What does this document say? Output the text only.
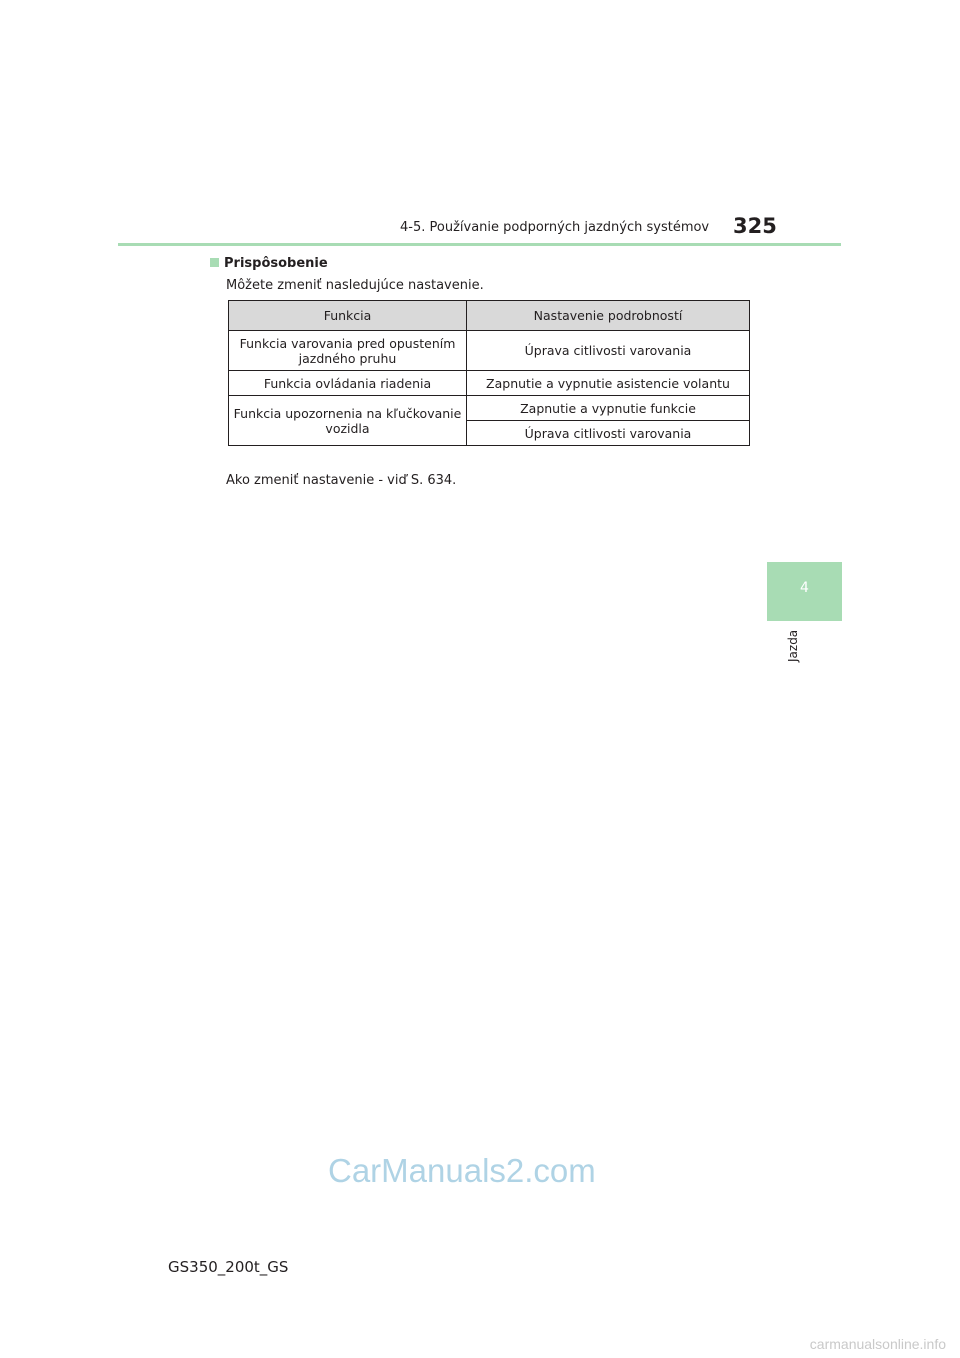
4-5. Používanie podporných jazdných systémov 325
4
Jazda
Prispôsobenie
Môžete zmeniť nasledujúce nastavenie.
Funkcia	Nastavenie podrobností
Funkcia varovania pred opustením jazdného pruhu	Úprava citlivosti varovania
Funkcia ovládania riadenia	Zapnutie a vypnutie asistencie volantu
Funkcia upozornenia na kľučkovanie vozidla	Zapnutie a vypnutie funkcie
	Úprava citlivosti varovania
Ako zmeniť nastavenie - viď S. 634.
CarManuals2.com
GS350_200t_GS
carmanualsonline.info
